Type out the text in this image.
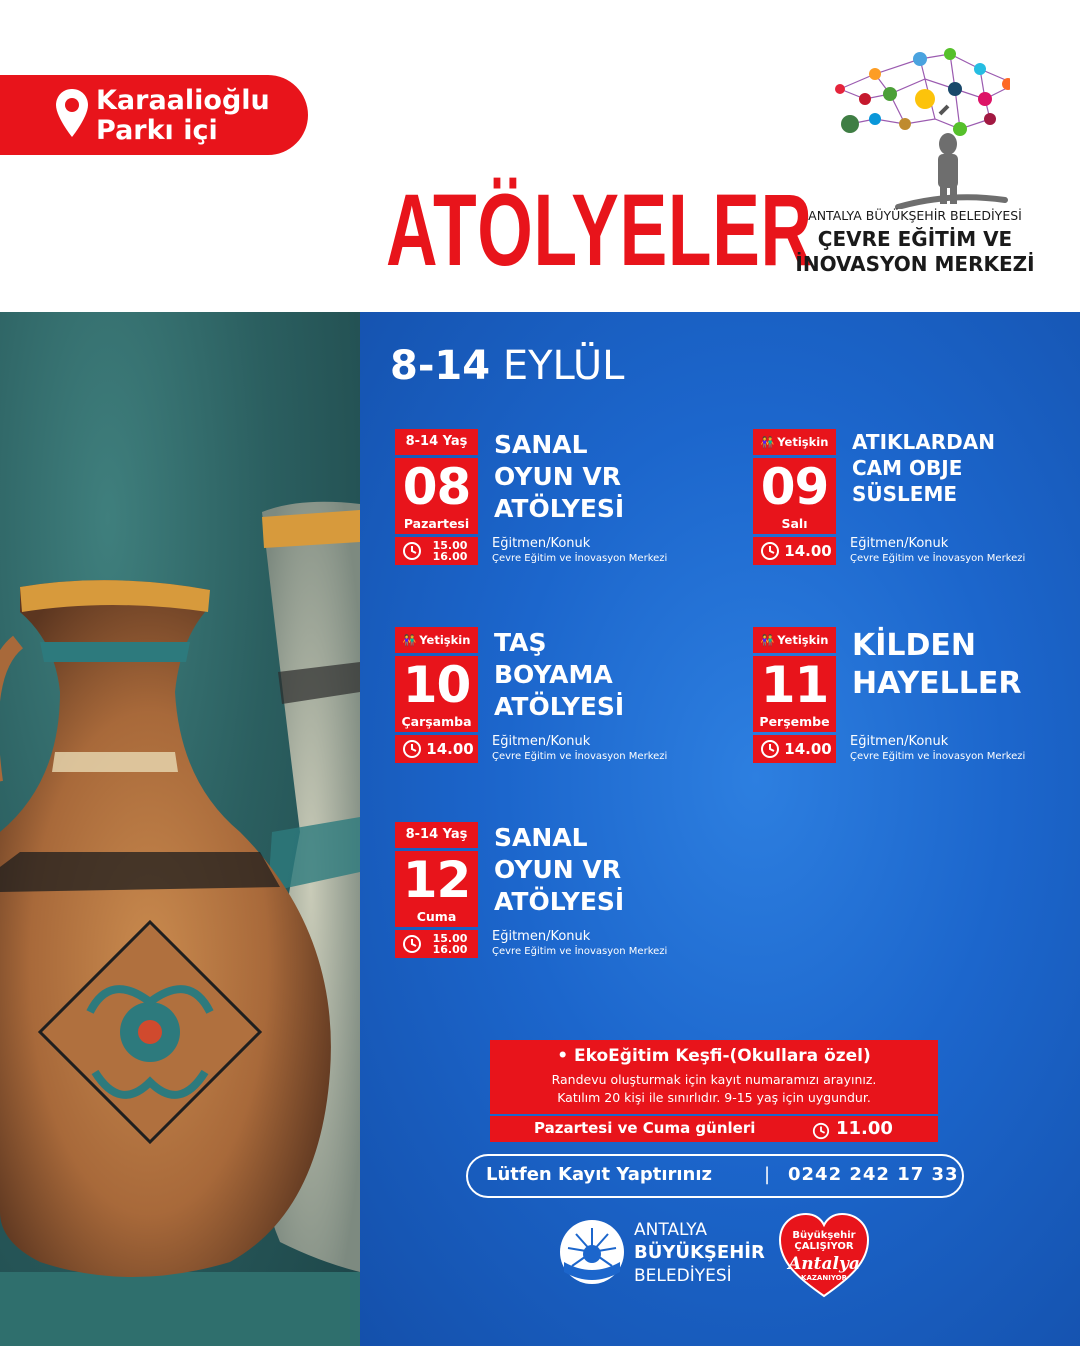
Karaalioğlu
Parkı içi
ATÖLYELER
ANTALYA BÜYÜKŞEHİR BELEDİYESİ
ÇEVRE EĞİTİM VE
İNOVASYON MERKEZİ
8-14 EYLÜL
8-14 Yaş
08
Pazartesi
15.00
16.00
SANAL
OYUN VR
ATÖLYESİ
Eğitmen/Konuk
Çevre Eğitim ve İnovasyon Merkezi
👫 Yetişkin
09
Salı
14.00
ATIKLARDAN
CAM OBJE
SÜSLEME
Eğitmen/Konuk
Çevre Eğitim ve İnovasyon Merkezi
👫 Yetişkin
10
Çarşamba
14.00
TAŞ
BOYAMA
ATÖLYESİ
Eğitmen/Konuk
Çevre Eğitim ve İnovasyon Merkezi
👫 Yetişkin
11
Perşembe
14.00
KİLDEN
HAYELLER
Eğitmen/Konuk
Çevre Eğitim ve İnovasyon Merkezi
8-14 Yaş
12
Cuma
15.00
16.00
SANAL
OYUN VR
ATÖLYESİ
Eğitmen/Konuk
Çevre Eğitim ve İnovasyon Merkezi
• EkoEğitim Keşfi-(Okullara özel)
Randevu oluşturmak için kayıt numaramızı arayınız.
Katılım 20 kişi ile sınırlıdır. 9-15 yaş için uygundur.
Pazartesi ve Cuma günleri	11.00
Lütfen Kayıt Yaptırınız	| 0242 242 17 33
ANTALYA
BÜYÜKŞEHİR
BELEDİYESİ
Büyükşehir
ÇALIŞIYOR
Antalya
KAZANIYOR
